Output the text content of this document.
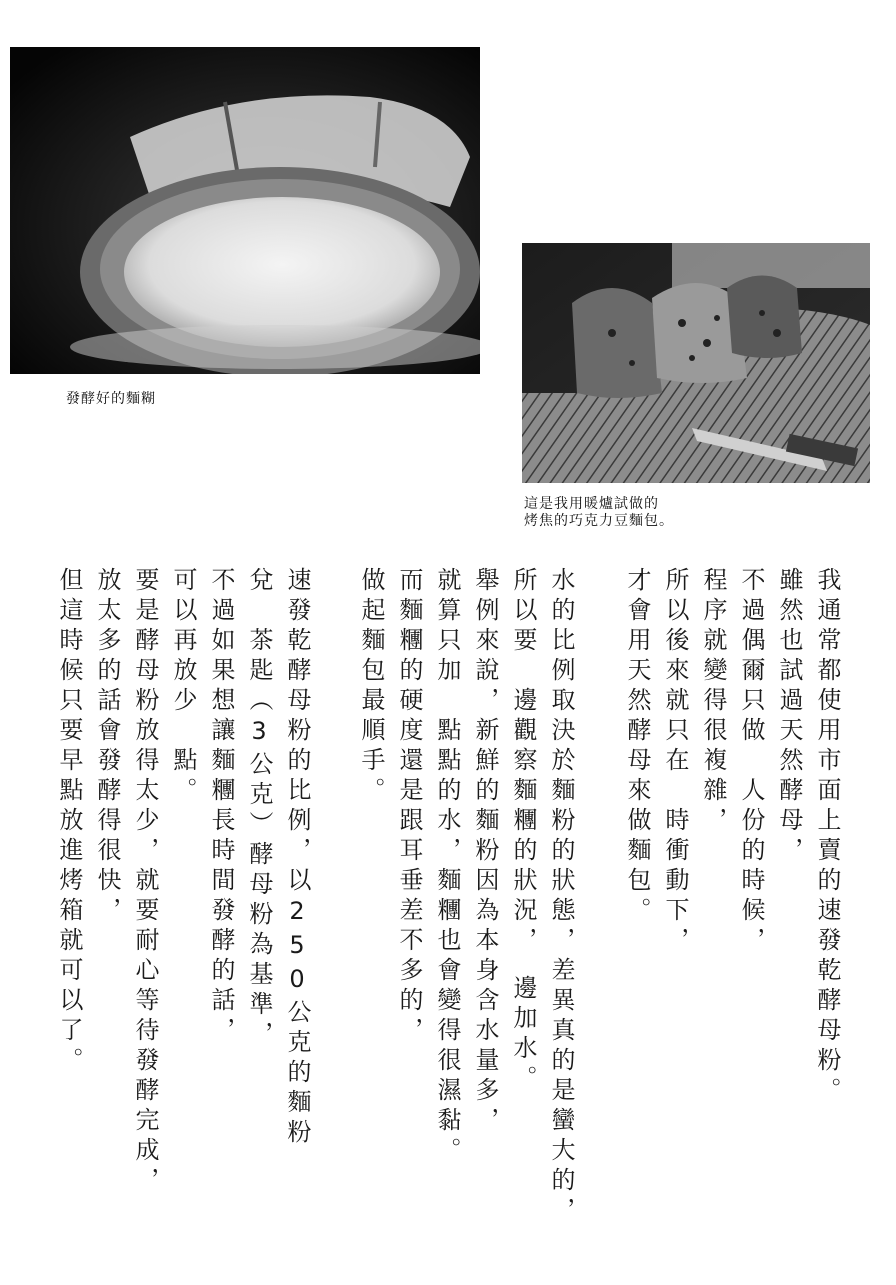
發酵好的麵糊
這是我用暖爐試做的
烤焦的巧克力豆麵包。
我通常都使用市面上賣的速發乾酵母粉。
雖然也試過天然酵母，
不過偶爾只做　人份的時候，
程序就變得很複雜，
所以後來就只在　時衝動下，
才會用天然酵母來做麵包。
水的比例取決於麵粉的狀態，差異真的是蠻大的，
所以要　邊觀察麵糰的狀況，　邊加水。
舉例來說，新鮮的麵粉因為本身含水量多，
就算只加　點點的水，麵糰也會變得很濕黏。
而麵糰的硬度還是跟耳垂差不多的，
做起麵包最順手。
速發乾酵母粉的比例，以250公克的麵粉
兌　茶匙（3公克）酵母粉為基準，
不過如果想讓麵糰長時間發酵的話，
可以再放少　點。
要是酵母粉放得太少，就要耐心等待發酵完成，
放太多的話會發酵得很快，
但這時候只要早點放進烤箱就可以了。
